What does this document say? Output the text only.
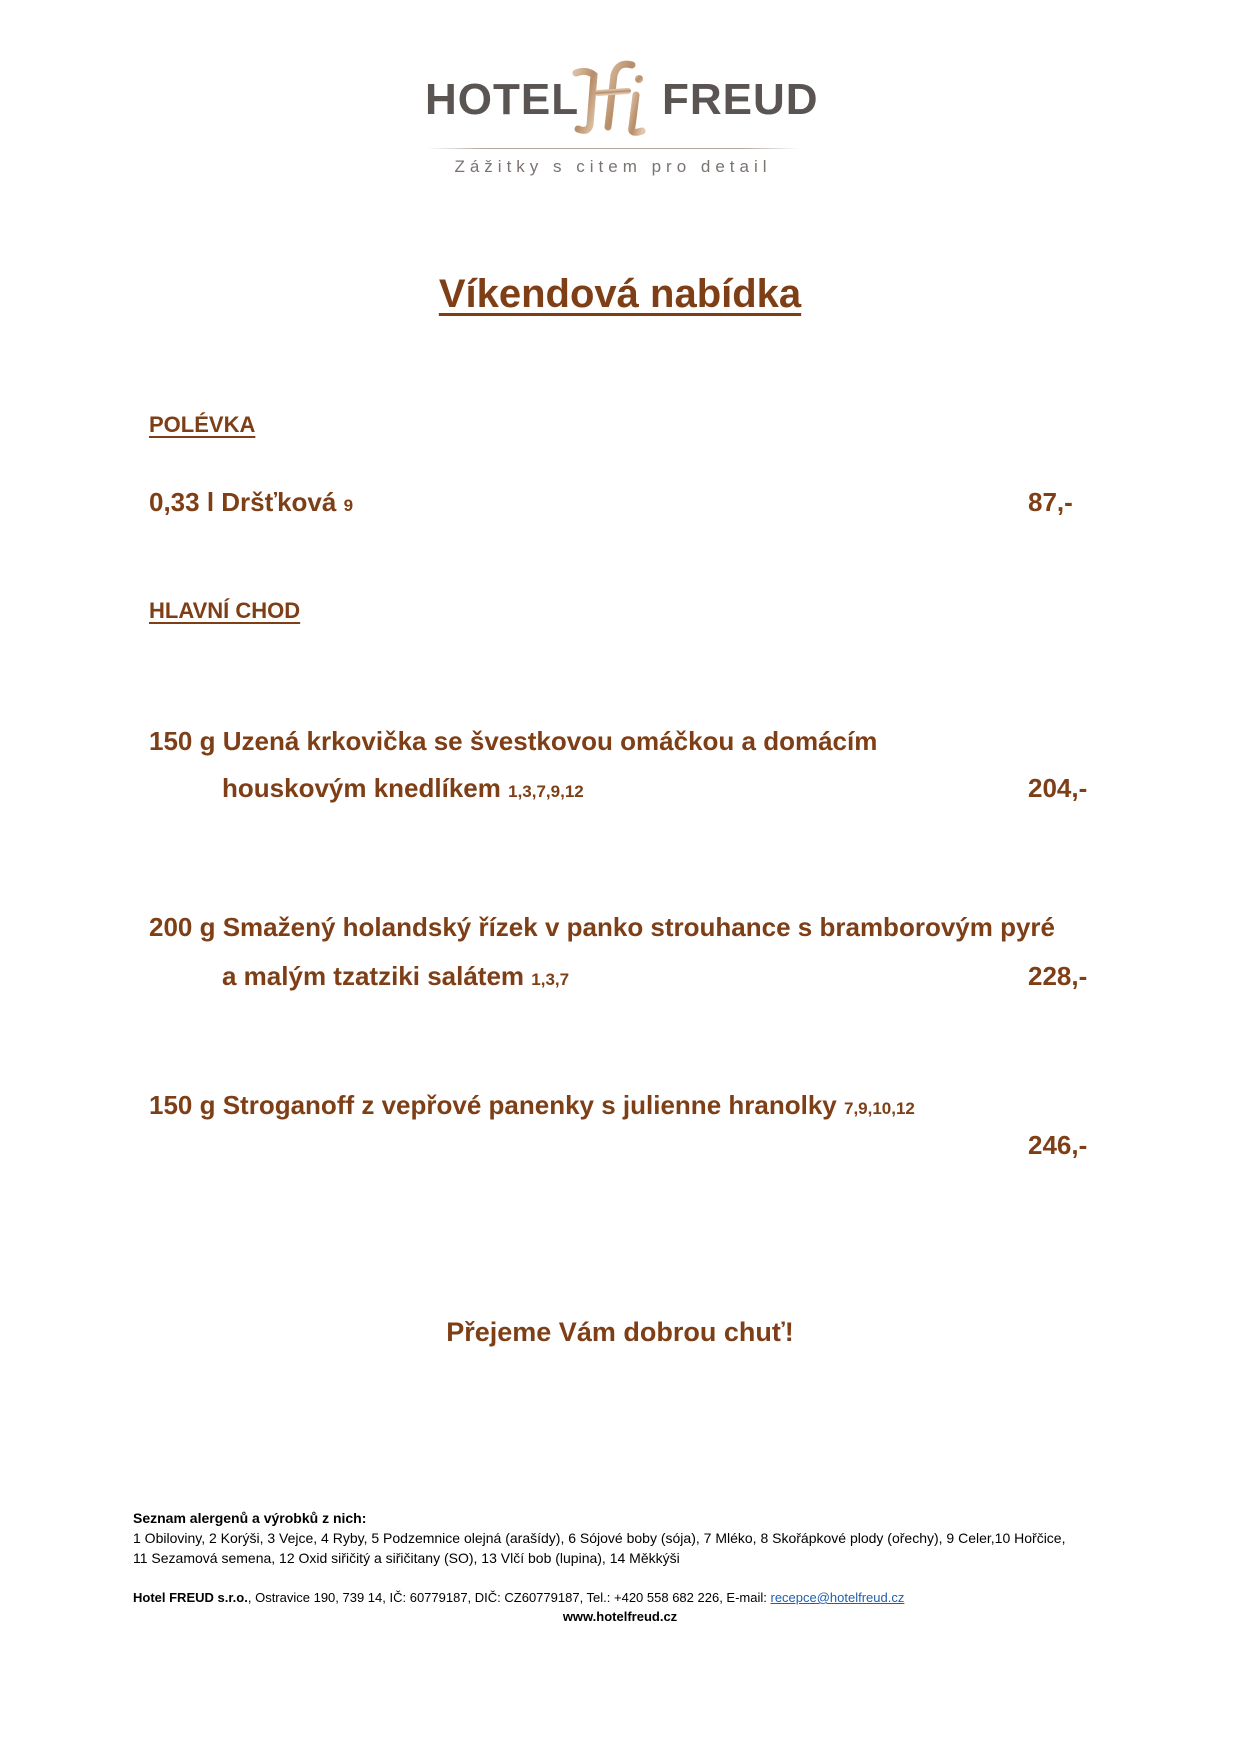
HOTEL FREUD
Zážitky s citem pro detail
Víkendová nabídka
POLÉVKA
0,33 l Dršťková 9	87,-
HLAVNÍ CHOD
150 g Uzená krkovička se švestkovou omáčkou a domácím
houskovým knedlíkem 1,3,7,9,12	204,-
200 g Smažený holandský řízek v panko strouhance s bramborovým pyré
a malým tzatziki salátem 1,3,7	228,-
150 g Stroganoff z vepřové panenky s julienne hranolky 7,9,10,12
246,-
Přejeme Vám dobrou chuť!
Seznam alergenů a výrobků z nich:
1 Obiloviny, 2 Korýši, 3 Vejce, 4 Ryby, 5 Podzemnice olejná (arašídy), 6 Sójové boby (sója), 7 Mléko, 8 Skořápkové plody (ořechy), 9 Celer,10 Hořčice,
11 Sezamová semena, 12 Oxid siřičitý a siřičitany (SO), 13 Vlčí bob (lupina), 14 Měkkýši
Hotel FREUD s.r.o., Ostravice 190, 739 14, IČ: 60779187, DIČ: CZ60779187, Tel.: +420 558 682 226, E-mail: recepce@hotelfreud.cz
www.hotelfreud.cz
